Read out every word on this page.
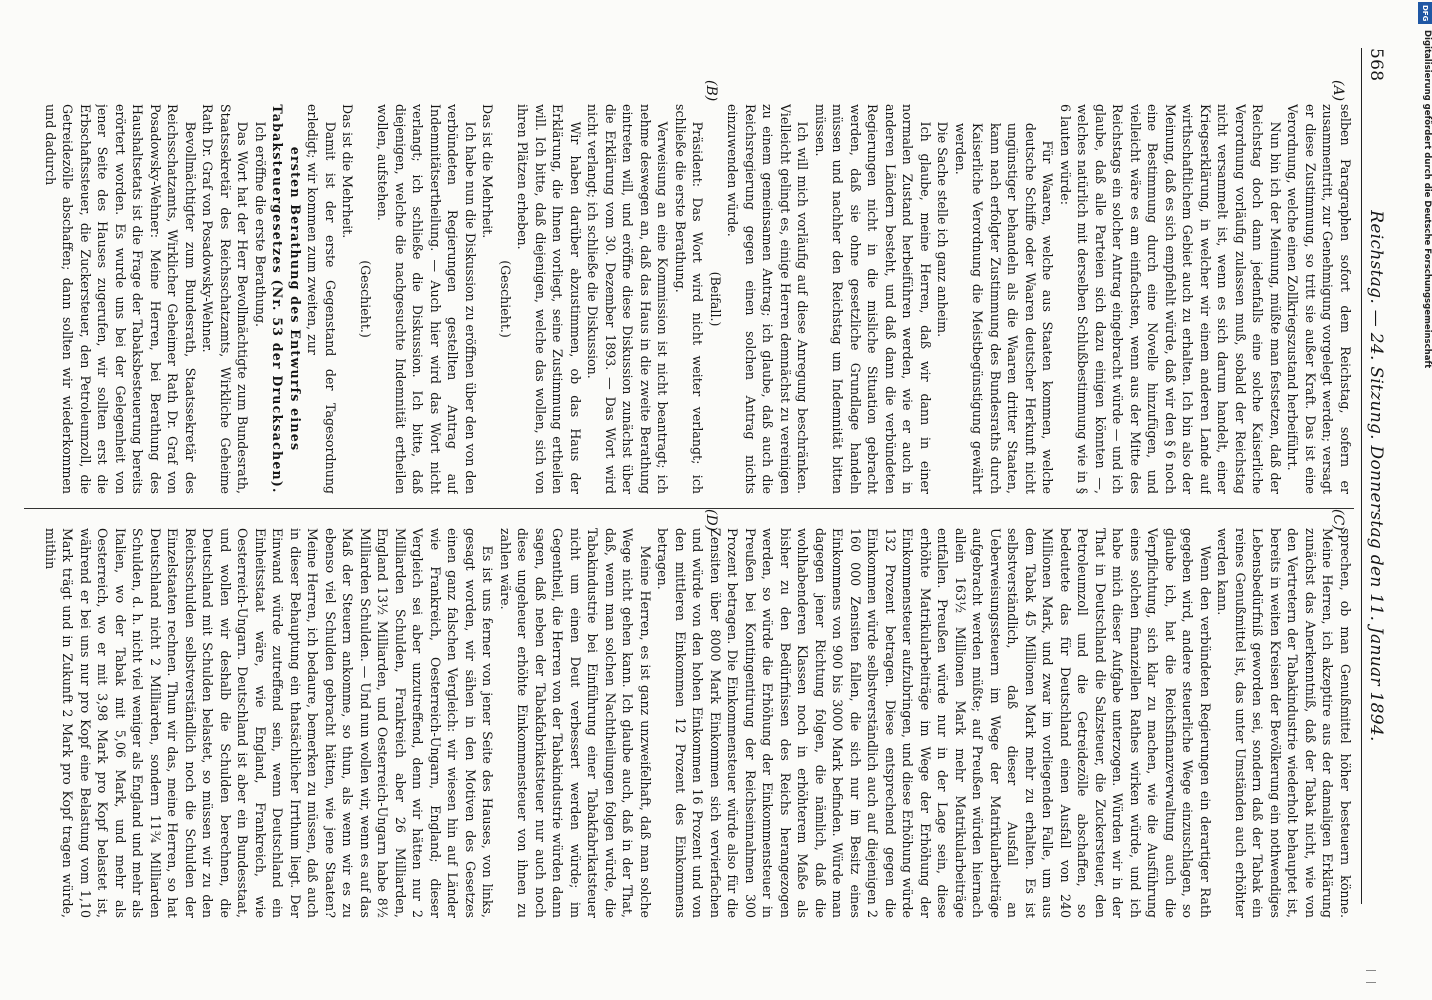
568
Reichstag. — 24. Sitzung. Donnerstag den 11. Januar 1894.
(A)
(B)
(C)
(D)

selben Paragraphen sofort dem Reichstag, sofern er zusammentritt, zur Genehmigung vorgelegt werden; versagt er diese Zustimmung, so tritt sie außer Kraft. Das ist eine Verordnung, welche einen Zollkriegszustand herbeiführt.

Nun bin ich der Meinung, müßte man festsetzen, daß der Reichstag doch dann jedenfalls eine solche Kaiserliche Verordnung vorläufig zulassen muß, sobald der Reichstag nicht versammelt ist, wenn es sich darum handelt, einer Kriegserklärung, in welcher wir einem anderen Lande auf wirthschaftlichem Gebiet auch zu erhalten. Ich bin also der Meinung, daß es sich empfiehlt würde, daß wir den § 6 noch eine Bestimmung durch eine Novelle hinzufügen, und vielleicht wäre es am einfachsten, wenn aus der Mitte des Reichstags ein solcher Antrag eingebracht würde — und ich glaube, daß alle Parteien sich dazu einigen könnten —, welches natürlich mit derselben Schlußbestimmung wie in § 6 lauten würde:

Für Waaren, welche aus Staaten kommen, welche deutsche Schiffe oder Waaren deutscher Herkunft nicht ungünstiger behandeln als die Waaren dritter Staaten, kann nach erfolgter Zustimmung des Bundesraths durch Kaiserliche Verordnung die Meistbegünstigung gewährt werden.

Die Sache stelle ich ganz anheim.

Ich glaube, meine Herren, daß wir dann in einer normalen Zustand herbeiführen werden, wie er auch in anderen Ländern besteht, und daß dann die verbündeten Regierungen nicht in die misliche Situation gebracht werden, daß sie ohne gesetzliche Grundlage handeln müssen und nachher den Reichstag um Indemnität bitten müssen.

Ich will mich vorläufig auf diese Anregung beschränken. Vielleicht gelingt es, einige Herren demnächst zu vereinigen zu einem gemeinsamen Antrag; ich glaube, daß auch die Reichsregierung gegen einen solchen Antrag nichts einzuwenden würde.

(Beifall.)

Präsident: Das Wort wird nicht weiter verlangt; ich schließe die erste Berathung.

Verweisung an eine Kommission ist nicht beantragt; ich nehme deswegen an, daß das Haus in die zweite Berathung eintreten will, und eröffne diese Diskussion zunächst über die Erklärung vom 30. Dezember 1893. — Das Wort wird nicht verlangt; ich schließe die Diskussion.

Wir haben darüber abzustimmen, ob das Haus der Erklärung, die Ihnen vorliegt, seine Zustimmung ertheilen will. Ich bitte, daß diejenigen, welche das wollen, sich von ihren Plätzen erheben.

(Geschieht.)

Das ist die Mehrheit.

Ich habe nun die Diskussion zu eröffnen über den von den verbündeten Regierungen gestellten Antrag auf Indemnitätsertheilung. — Auch hier wird das Wort nicht verlangt; ich schließe die Diskussion. Ich bitte, daß diejenigen, welche die nachgesuchte Indemnität ertheilen wollen, aufstehen.

(Geschieht.)

Das ist die Mehrheit.

Damit ist der erste Gegenstand der Tagesordnung erledigt; wir kommen zum zweiten, zur

ersten Berathung des Entwurfs eines Tabaksteuergesetzes (Nr. 53 der Drucksachen).

Ich eröffne die erste Berathung.

Das Wort hat der Herr Bevollmächtigte zum Bundesrath, Staatssekretär des Reichsschatzamts, Wirkliche Geheime Rath Dr. Graf von Posadowsky-Wehner.

Bevollmächtigter zum Bundesrath, Staatssekretär des Reichsschatzamts, Wirklicher Geheimer Rath Dr. Graf von Posadowsky-Wehner: Meine Herren, bei Berathung des Haushaltsetats ist die Frage der Tabaksbesteuerung bereits erörtert worden. Es wurde uns bei der Gelegenheit von jener Seite des Hauses zugerufen, wir sollten erst die Erbschaftssteuer, die Zuckersteuer, den Petroleumzoll, die Getreidezölle abschaffen; dann sollten wir wiederkommen und dadurch

sprechen, ob man Genußmittel höher besteuern könne. Meine Herren, ich akzeptire aus der damaligen Erklärung zunächst das Anerkenntniß, daß der Tabak nicht, wie von den Vertretern der Tabakindustrie wiederholt behauptet ist, bereits in weiten Kreisen der Bevölkerung ein nothwendiges Lebensbedürfniß geworden sei, sondern daß der Tabak ein reines Genußmittel ist, das unter Umständen auch erhöhter werden kann.

Wenn den verbündeten Regierungen ein derartiger Rath gegeben wird, andere steuerliche Wege einzuschlagen, so glaube ich, hat die Reichsfinanzverwaltung auch die Verpflichtung, sich klar zu machen, wie die Ausführung eines solchen finanziellen Rathes wirken würde, und ich habe mich dieser Aufgabe unterzogen. Würden wir in der That in Deutschland die Salzsteuer, die Zuckersteuer, den Petroleumzoll und die Getreidezölle abschaffen, so bedeutete das für Deutschland einen Ausfall von 240 Millionen Mark, und zwar im vorliegenden Falle, um aus dem Tabak 45 Millionen Mark mehr zu erhalten. Es ist selbstverständlich, daß dieser Ausfall an Ueberweisungssteuern im Wege der Matrikularbeiträge aufgebracht werden müßte; auf Preußen würden hiernach allein 163½ Millionen Mark mehr Matrikularbeiträge entfallen. Preußen würde nur in der Lage sein, diese erhöhte Matrikularbeiträge im Wege der Erhöhung der Einkommensteuer aufzubringen, und diese Erhöhung würde 132 Prozent betragen. Diese entsprechend gegen die Einkommen würde selbstverständlich auch auf diejenigen 2 160 000 Zensiten fallen, die sich nur im Besitz eines Einkommens von 900 bis 3000 Mark befinden. Würde man dagegen jener Richtung folgen, die nämlich, daß die wohlhabenderen Klassen noch in erhöhterem Maße als bisher zu den Bedürfnissen des Reichs herangezogen werden, so würde die Erhöhung der Einkommensteuer in Preußen bei Kontingentirung der Reichseinnahmen 300 Prozent betragen. Die Einkommensteuer würde also für die Zensiten über 8000 Mark Einkommen sich vervierfachen und würde von den hohen Einkommen 16 Prozent und von den mittleren Einkommen 12 Prozent des Einkommens betragen.

Meine Herren, es ist ganz unzweifelhaft, daß man solche Wege nicht gehen kann. Ich glaube auch, daß in der That, daß, wenn man solchen Nachtheilungen folgen würde, die Tabakindustrie bei Einführung einer Tabakfabrikatsteuer nicht um einen Deut verbessert werden würde; im Gegentheil, die Herren von der Tabakindustrie würden dann sagen, daß neben der Tabakfabrikatsteuer nur auch noch diese ungeheuer erhöhte Einkommensteuer von ihnen zu zahlen wäre.

Es ist uns ferner von jener Seite des Hauses, von links, gesagt worden, wir sähen in den Motiven des Gesetzes einen ganz falschen Vergleich: wir wiesen hin auf Länder wie Frankreich, Oesterreich-Ungarn, England; dieser Vergleich sei aber unzutreffend, denn wir hätten nur 2 Milliarden Schulden, Frankreich aber 26 Milliarden, England 13½ Milliarden, und Oesterreich-Ungarn habe 8½ Milliarden Schulden. — Und nun wollen wir, wenn es auf das Maß der Steuern ankomme, so thun, als wenn wir es zu ebenso viel Schulden gebracht hätten, wie jene Staaten? Meine Herren, ich bedaure, bemerken zu müssen, daß auch in dieser Behauptung ein thatsächlicher Irrthum liegt. Der Einwand würde zutreffend sein, wenn Deutschland ein Einheitsstaat wäre, wie England, Frankreich, wie Oesterreich-Ungarn. Deutschland ist aber ein Bundesstaat, und wollen wir deshalb die Schulden berechnen, die Deutschland mit Schulden belastet, so müssen wir zu den Reichsschulden selbstverständlich noch die Schulden der Einzelstaaten rechnen. Thun wir das, meine Herren, so hat Deutschland nicht 2 Milliarden, sondern 11¾ Milliarden Schulden, d. h. nicht viel weniger als England und mehr als Italien, wo der Tabak mit 5,06 Mark, und mehr als Oesterreich, wo er mit 3,98 Mark pro Kopf belastet ist, während er bei uns nur pro Kopf eine Belastung vom 1,10 Mark trägt und in Zukunft 2 Mark pro Kopf tragen würde, mithin

DFG
Digitalisierung gefördert durch die Deutsche Forschungsgemeinschaft
